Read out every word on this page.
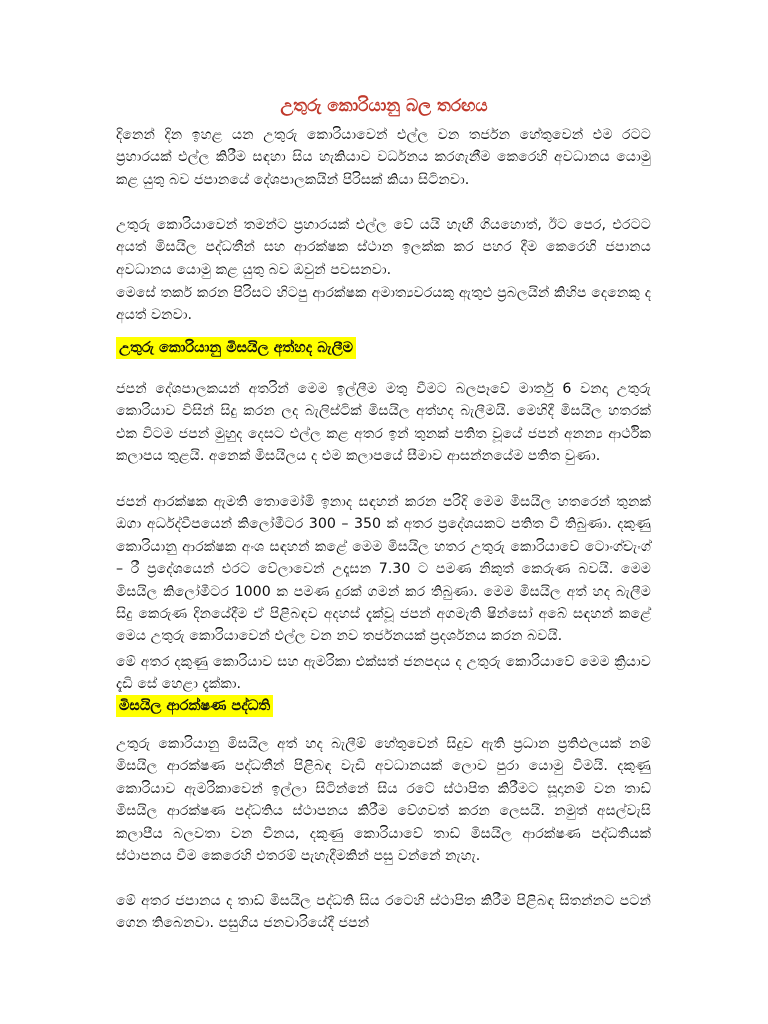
උතුරු කොරියානු බල තරඟය

දිනෙන් දින ඉහළ යන උතුරු කොරියාවෙන් එල්ල වන තර්ජන හේතුවෙන් එම රටට ප්‍රහාරයක් එල්ල කිරීම සඳහා සිය හැකියාව වර්ධනය කරගැනීම කෙරෙහි අවධානය යොමු කළ යුතු බව ජපානයේ දේශපාලකයින් පිරිසක් කියා සිටිනවා.

උතුරු කොරියාවෙන් තමන්ට ප්‍රහාරයක් එල්ල වේ යයි හැඟී ගියහොත්, ඊට පෙර, එරටට අයත් මිසයිල පද්ධතීන් සහ ආරක්ෂක ස්ථාන ඉලක්ක කර පහර දීම කෙරෙහි ජපානය අවධානය යොමු කළ යුතු බව ඔවුන් පවසනවා.

මෙසේ තර්ක කරන පිරිසට හිටපු ආරක්ෂක අමාත්‍යවරයකු ඇතුළු ප්‍රබලයින් කිහිප දෙනෙකු ද අයත් වනවා.

උතුරු කොරියානු මිසයිල අත්හද බැලීම

ජපන් දේශපාලකයන් අතරින් මෙම ඉල්ලීම මතු වීමට බලපෑවේ මාර්තු 6 වනදා උතුරු කොරියාව විසින් සිදු කරන ලද බැලිස්ටික් මිසයිල අත්හද බැලීමයි. මෙහිදී මිසයිල හතරක් එක විටම ජපන් මුහුද දෙසට එල්ල කළ අතර ඉන් තුනක් පතිත වූයේ ජපන් අනන්‍ය ආර්ථික කලාපය තුළයි. අනෙක් මිසයිලය ද එම කලාපයේ සීමාව ආසන්නයේම පතිත වුණා.

ජපන් ආරක්ෂක ඇමති තොමෝමි ඉනාද සඳහන් කරන පරිදි මෙම මිසයිල හතරෙන් තුනක් ඔගා අර්ධද්වීපයෙන් කිලෝමීටර 300 – 350 ක් අතර ප්‍රදේශයකට පතිත වී තිබුණා. දකුණු කොරියානු ආරක්ෂක අංශ සඳහන් කළේ මෙම මිසයිල හතර උතුරු කොරියාවේ ටොංග්චැංග් – රී ප්‍රදේශයෙන් එරට වේලාවෙන් උදෑසන 7.30 ට පමණ නිකුත් කෙරුණ බවයි. මෙම මිසයිල කිලෝමීටර 1000 ක පමණ දුරක් ගමන් කර තිබුණා. මෙම මිසයිල අත් හද බැලීම සිදු කෙරුණ දිනයේදීම ඒ පිළිබඳව අදහස් දැක්වූ ජපන් අගමැති ෂින්සෝ අබේ සඳහන් කළේ මෙය උතුරු කොරියාවෙන් එල්ල වන නව තර්ජනයක් ප්‍රදර්ශනය කරන බවයි.

මේ අතර දකුණු කොරියාව සහ ඇමරිකා එක්සත් ජනපදය ද උතුරු කොරියාවේ මෙම ක්‍රියාව දැඩි සේ හෙළා දැක්කා.

මිසයිල ආරක්ෂණ පද්ධති

උතුරු කොරියානු මිසයිල අත් හද බැලීම් හේතුවෙන් සිදුව ඇති ප්‍රධාන ප්‍රතිඵලයක් නම් මිසයිල ආරක්ෂණ පද්ධතීන් පිළිබඳ වැඩි අවධානයක් ලොව පුරා යොමු වීමයි. දකුණු කොරියාව ඇමරිකාවෙන් ඉල්ලා සිටින්නේ සිය රටේ ස්ථාපිත කිරීමට සූදානම් වන තාඩ් මිසයිල ආරක්ෂණ පද්ධතිය ස්ථාපනය කිරීම වේගවත් කරන ලෙසයි. නමුත් අසල්වැසි කලාපීය බලවතා වන චීනය, දකුණු කොරියාවේ තාඩ් මිසයිල ආරක්ෂණ පද්ධතියක් ස්ථාපනය වීම කෙරෙහි එතරම් පැහැදීමකින් පසු වන්නේ නැහැ.

මේ අතර ජපානය ද තාඩ් මිසයිල පද්ධති සිය රටෙහි ස්ථාපිත කිරීම පිළිබඳ සිතන්නට පටන් ගෙන තිබෙනවා. පසුගිය ජනවාරියේදී ජපන්
